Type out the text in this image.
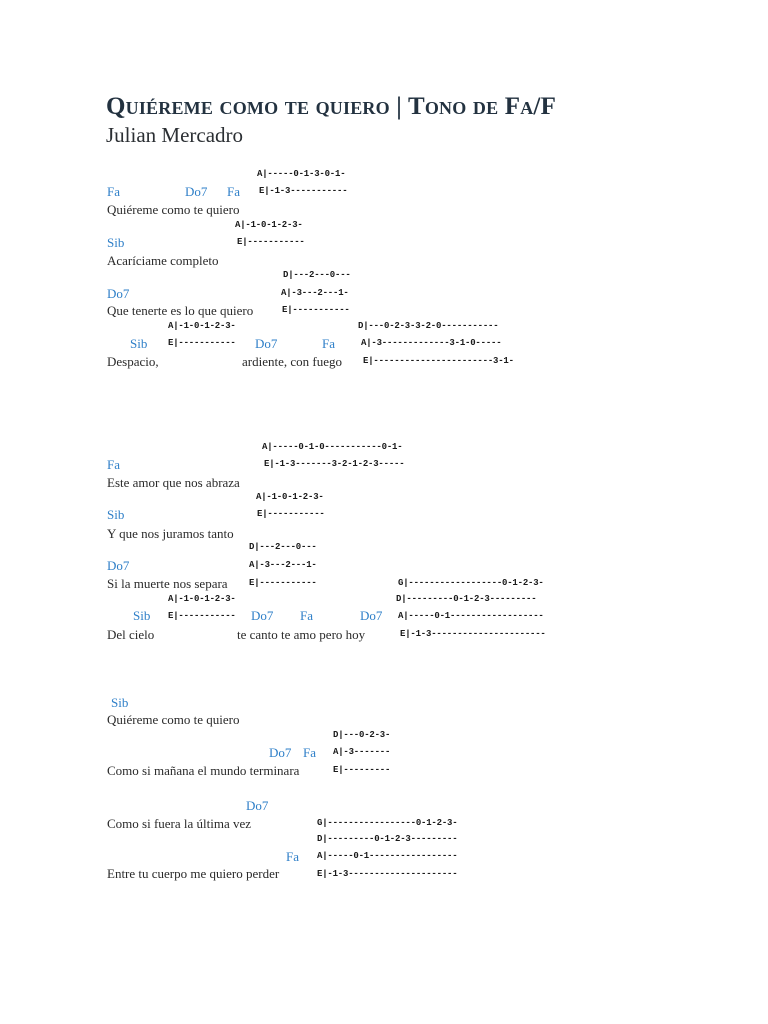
Quiéreme como te quiero | Tono de Fa/F
Julian Mercadro
A|-----0-1-3-0-1-
Fa	Do7 Fa E|-1-3-----------
Quiéreme como te quiero
A|-1-0-1-2-3-
Sib	E|-----------
Acaríciame completo
D|---2---0---
Do7	A|-3---2---1-
Que tenerte es lo que quiero	E|-----------
A|-1-0-1-2-3-	D|---0-2-3-3-2-0-----------
Sib E|----------- Do7	Fa	A|-3-------------3-1-0-----
Despacio,	ardiente, con fuego E|-----------------------3-1-
A|-----0-1-0-----------0-1-
Fa	E|-1-3-------3-2-1-2-3-----
Este amor que nos abraza
A|-1-0-1-2-3-
Sib	E|-----------
Y que nos juramos tanto
D|---2---0---
Do7	A|-3---2---1-
Si la muerte nos separa E|-----------	G|------------------0-1-2-3-
A|-1-0-1-2-3-	D|---------0-1-2-3---------
Sib E|----------- Do7 Fa	Do7 A|-----0-1------------------
Del cielo	te canto te amo pero hoy	E|-1-3----------------------
Sib
Quiéreme como te quiero
D|---0-2-3-
Do7 Fa A|-3-------
Como si mañana el mundo terminara	E|---------
Do7
Como si fuera la última vez	G|-----------------0-1-2-3-
D|---------0-1-2-3---------
Fa A|-----0-1-----------------
Entre tu cuerpo me quiero perder	E|-1-3---------------------
